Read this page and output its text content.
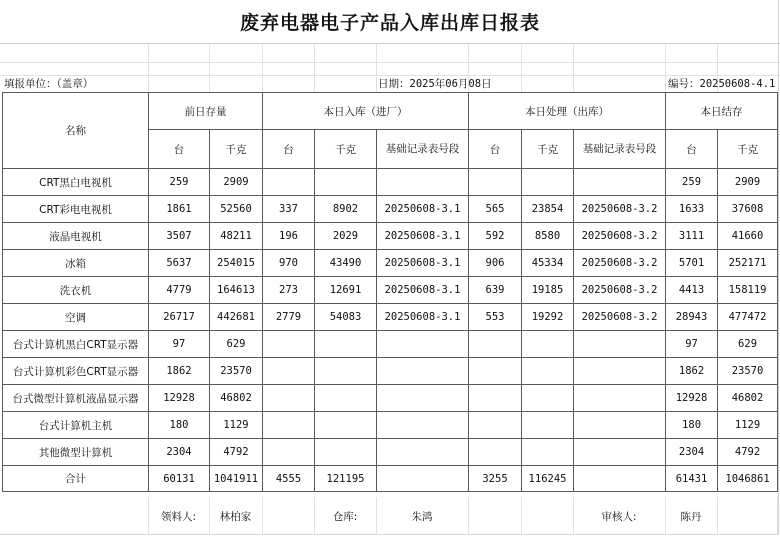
废弃电器电子产品入库出库日报表
填报单位：（盖章）	日期：2025年06月08日	编号：20250608-4.1
名称	前日存量		本日入库（进厂）			本日处理（出库）			本日结存	
	台	千克	台	千克	基础记录表号段	台	千克	基础记录表号段	台	千克
CRT黑白电视机	259	2909							259	2909
CRT彩电电视机	1861	52560	337	8902	20250608-3.1	565	23854	20250608-3.2	1633	37608
液晶电视机	3507	48211	196	2029	20250608-3.1	592	8580	20250608-3.2	3111	41660
冰箱	5637	254015	970	43490	20250608-3.1	906	45334	20250608-3.2	5701	252171
洗衣机	4779	164613	273	12691	20250608-3.1	639	19185	20250608-3.2	4413	158119
空调	26717	442681	2779	54083	20250608-3.1	553	19292	20250608-3.2	28943	477472
台式计算机黑白CRT显示器	97	629							97	629
台式计算机彩色CRT显示器	1862	23570							1862	23570
台式微型计算机液晶显示器	12928	46802							12928	46802
台式计算机主机	180	1129							180	1129
其他微型计算机	2304	4792							2304	4792
合计	60131	1041911	4555	121195		3255	116245		61431	1046861
	领料人:	林柏家		仓库:	朱鸿			审核人:	陈丹	
